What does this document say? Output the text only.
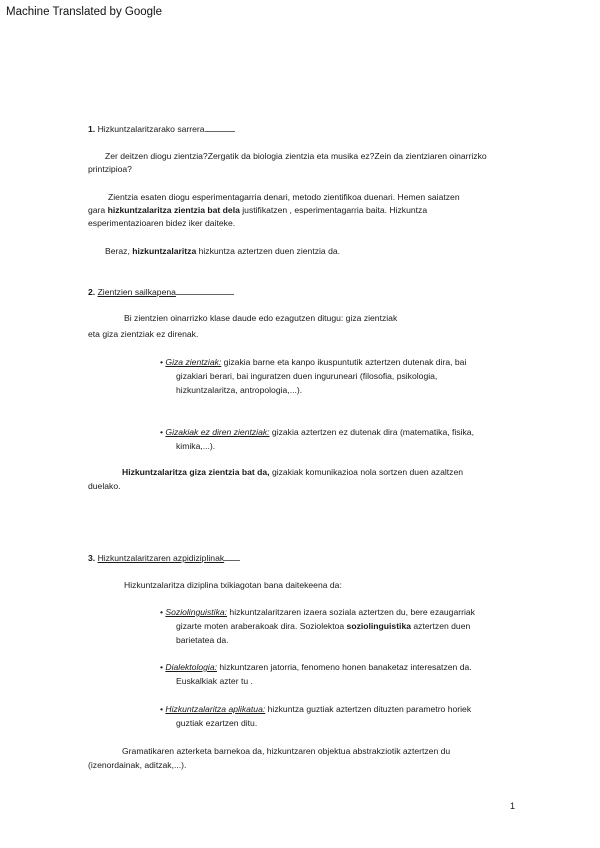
Machine Translated by Google
1. Hizkuntzalaritzarako sarrera
Zer deitzen diogu zientzia?Zergatik da biologia zientzia eta musika ez?Zein da zientziaren oinarrizko
printzipioa?
Zientzia esaten diogu esperimentagarria denari, metodo zientifikoa duenari. Hemen saiatzen
gara hizkuntzalaritza zientzia bat dela justifikatzen , esperimentagarria baita. Hizkuntza
esperimentazioaren bidez iker daiteke.
Beraz, hizkuntzalaritza hizkuntza aztertzen duen zientzia da.
2. Zientzien sailkapena
Bi zientzien oinarrizko klase daude edo ezagutzen ditugu: giza zientziak
eta giza zientziak ez direnak.
• Giza zientziak: gizakia barne eta kanpo ikuspuntutik aztertzen dutenak dira, bai
gizakiari berari, bai inguratzen duen inguruneari (filosofia, psikologia,
hizkuntzalaritza, antropologia,...).
• Gizakiak ez diren zientziak: gizakia aztertzen ez dutenak dira (matematika, fisika,
kimika,...).
Hizkuntzalaritza giza zientzia bat da, gizakiak komunikazioa nola sortzen duen azaltzen
duelako.
3. Hizkuntzalaritzaren azpidiziplinak
Hizkuntzalaritza diziplina txikiagotan bana daitekeena da:
• Soziolinguistika: hizkuntzalaritzaren izaera soziala aztertzen du, bere ezaugarriak
gizarte moten araberakoak dira. Soziolektoa soziolinguistika aztertzen duen
barietatea da.
• Dialektologia: hizkuntzaren jatorria, fenomeno honen banaketaz interesatzen da.
Euskalkiak azter tu .
• Hizkuntzalaritza aplikatua: hizkuntza guztiak aztertzen dituzten parametro horiek
guztiak ezartzen ditu.
Gramatikaren azterketa barnekoa da, hizkuntzaren objektua abstrakziotik aztertzen du
(izenordainak, aditzak,...).
1
